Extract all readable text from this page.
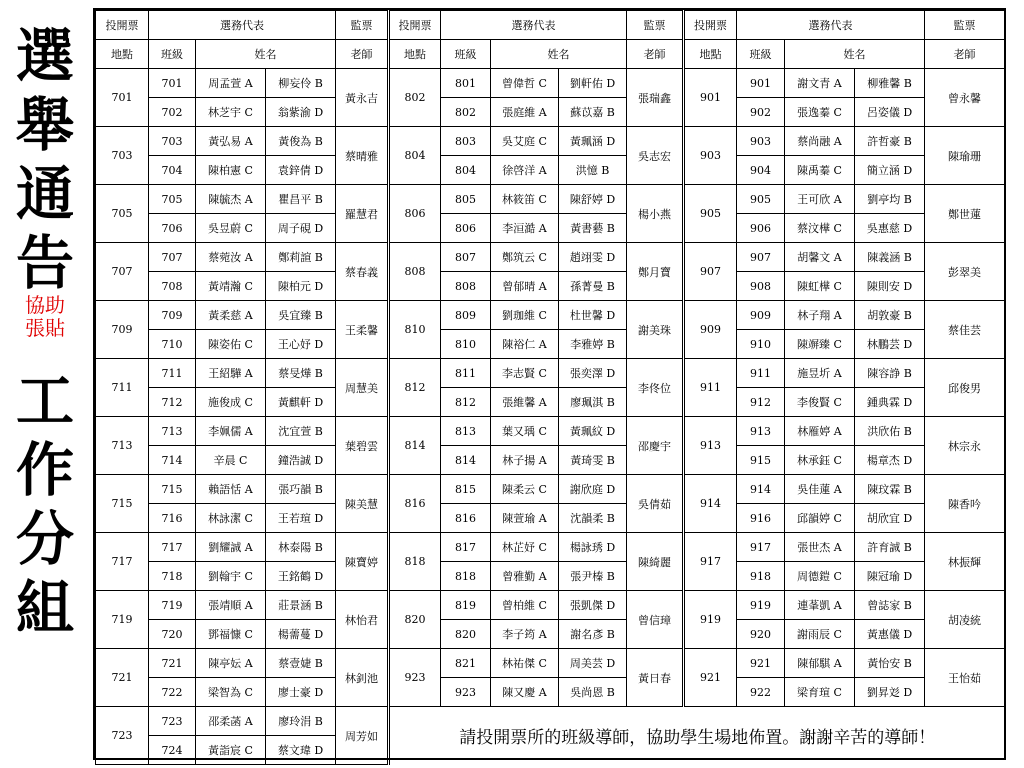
選
舉
通
告
協助
張貼
工
作
分
組
投開票	選務代表			監票	投開票	選務代表			監票	投開票	選務代表			監票
地點	班級	姓名		老師	地點	班級	姓名		老師	地點	班級	姓名		老師
701	701	周孟萱 A	柳妄伶 B	黃永吉	802	801	曾偉哲 C	劉軒佑 D	張瑞鑫	901	901	謝文青 A	柳雅馨 B	曾永馨
	702	林芝宇 C	翁紫渝 D			802	張庭維 A	蘇苡嘉 B			902	張逸蓁 C	呂姿儀 D	
703	703	黃弘易 A	黃俊為 B	蔡晴雅	804	803	吳艾庭 C	黃珮涵 D	吳志宏	903	903	蔡尚融 A	許哲豪 B	陳瑜珊
	704	陳柏憲 C	袁鋅倩 D			804	徐啓洋 A	洪憶 B			904	陳禹蓁 C	簡立涵 D	
705	705	陳毓杰 A	瞿昌平 B	羅慧君	806	805	林筱笛 C	陳舒婷 D	楊小燕	905	905	王可欣 A	劉亭均 B	鄭世蓮
	706	吳昱蔚 C	周子硯 D			806	李洹澔 A	黃書藝 B			906	蔡汶樺 C	吳惠慈 D	
707	707	蔡菀汝 A	鄭莉諠 B	蔡春義	808	807	鄭筑云 C	趙翊雯 D	鄭月寶	907	907	胡馨文 A	陳義涵 B	彭翠美
	708	黃靖瀚 C	陳柏元 D			808	曾郁晴 A	孫菁曼 B			908	陳虹樺 C	陳則安 D	
709	709	黃柔慈 A	吳宜臻 B	王柔馨	810	809	劉珈維 C	杜世馨 D	謝美珠	909	909	林子翔 A	胡敦豪 B	蔡佳芸
	710	陳姿佑 C	王心妤 D			810	陳裕仁 A	李雅婷 B			910	陳竮臻 C	林鵬芸 D	
711	711	王紹驊 A	蔡旻燁 B	周慧美	812	811	李志賢 C	張奕澤 D	李佟位	911	911	施昱圻 A	陳容諍 B	邱俊男
	712	施俊成 C	黃麒軒 D			812	張維馨 A	廖珮淇 B			912	李俊賢 C	鍾典霖 D	
713	713	李姵儒 A	沈宜萱 B	葉碧雲	814	813	葉又瑀 C	黃珮紋 D	邵慶宇	913	913	林雁婷 A	洪欣佑 B	林宗永
	714	辛晨 C	鐘浩誠 D			814	林子揚 A	黃琦雯 B			915	林承鈺 C	楊章杰 D	
715	715	賴語恬 A	張巧韻 B	陳美慧	816	815	陳柔云 C	謝欣庭 D	吳倩茹	914	914	吳佳蓮 A	陳玟霖 B	陳香吟
	716	林詠潔 C	王若瑄 D			816	陳萱瑜 A	沈韻柔 B			916	邱韻婷 C	胡欣宜 D	
717	717	劉耀誠 A	林泰陽 B	陳寶婷	818	817	林芷妤 C	楊詠琇 D	陳綺麗	917	917	張世杰 A	許育誠 B	林振輝
	718	劉翰宇 C	王銘鶴 D			818	曾雅勤 A	張尹榛 B			918	周德鎧 C	陳冠瑜 D	
719	719	張靖順 A	莊景涵 B	林怡君	820	819	曾柏維 C	張凱傑 D	曾信璋	919	919	連莑凱 A	曾誌家 B	胡凌統
	720	鄧福慷 C	楊薷蔓 D			820	李子筠 A	謝名彥 B			920	謝雨辰 C	黃惠儀 D	
721	721	陳亭妘 A	蔡壹婕 B	林釗池	923	821	林祐傑 C	周美芸 D	黃日春	921	921	陳郁騏 A	黃怡安 B	王怡茹
	722	梁智為 C	廖士豪 D			923	陳又慶 A	吳尚恩 B			922	梁育瑄 C	劉昇彣 D	
723	723	邵柔菡 A	廖玲涓 B	周芳如	請投開票所的班級導師，協助學生場地佈置。謝謝辛苦的導師！									
	724	黃詣宸 C	蔡文瑋 D											
